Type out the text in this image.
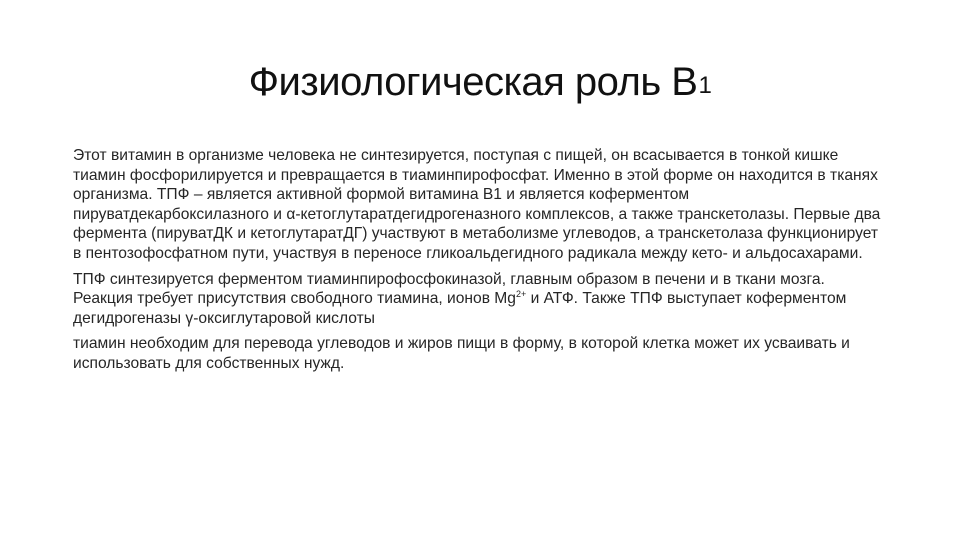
Физиологическая роль В1

Этот витамин в организме человека не синтезируется, поступая с пищей, он всасывается в тонкой кишке тиамин фосфорилируется и превращается в тиаминпирофосфат. Именно в этой форме он находится в тканях организма. ТПФ – является активной формой витамина В1 и является коферментом пируватдекарбоксилазного и α-кетоглутаратдегидрогеназного комплексов, а также транскетолазы. Первые два фермента (пируватДК и кетоглутаратДГ) участвуют в метаболизме углеводов, а транскетолаза функционирует в пентозофосфатном пути, участвуя в переносе гликоальдегидного радикала между кето- и альдосахарами.

ТПФ синтезируется ферментом тиаминпирофосфокиназой, главным образом в печени и в ткани мозга. Реакция требует присутствия свободного тиамина, ионов $Mg^{2+}$ и АТФ. Также ТПФ выступает коферментом дегидрогеназы γ-оксиглутаровой кислоты

тиамин необходим для перевода углеводов и жиров пищи в форму, в которой клетка может их усваивать и использовать для собственных нужд.
